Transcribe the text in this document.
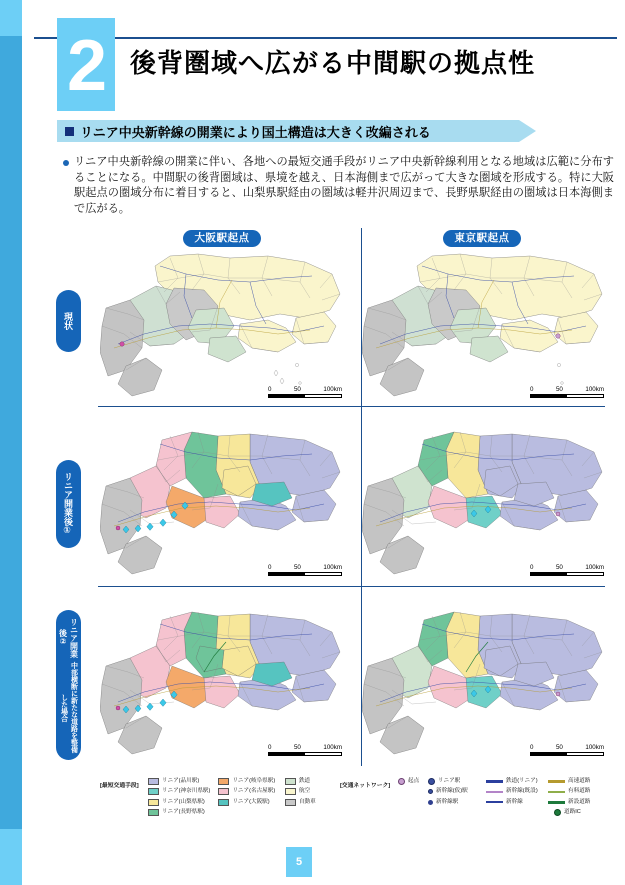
2 後背圏域へ広がる中間駅の拠点性
リニア中央新幹線の開業により国土構造は大きく改編される

リニア中央新幹線の開業に伴い、各地への最短交通手段がリニア中央新幹線利用となる地域は広範に分布することになる。中間駅の後背圏域は、県境を越え、日本海側まで広がって大きな圏域を形成する。特に大阪駅起点の圏域分布に着目すると、山梨県駅経由の圏域は軽井沢周辺まで、長野県駅経由の圏域は日本海側まで広がる。

大阪駅起点	東京駅起点
現状
リニア開業後①
リニア開業後②
中部横断に新たな道路を整備した場合
0	50	100km	0	50	100km
0	50	100km	0	50	100km
0	50	100km	0	50	100km
[最短交通手段]
リニア(品川駅)
リニア(神奈川県駅)
リニア(山梨県駅)
リニア(長野県駅)
リニア(岐阜県駅)
リニア(名古屋駅)
リニア(大阪駅)
鉄道
航空
自動車
[交通ネットワーク]
起点	リニア駅
新幹線(仮)駅
新幹線駅
鉄道(リニア)
新幹線(既設)
新幹線
高速道路
有料道路
新設道路
道路IC
5
